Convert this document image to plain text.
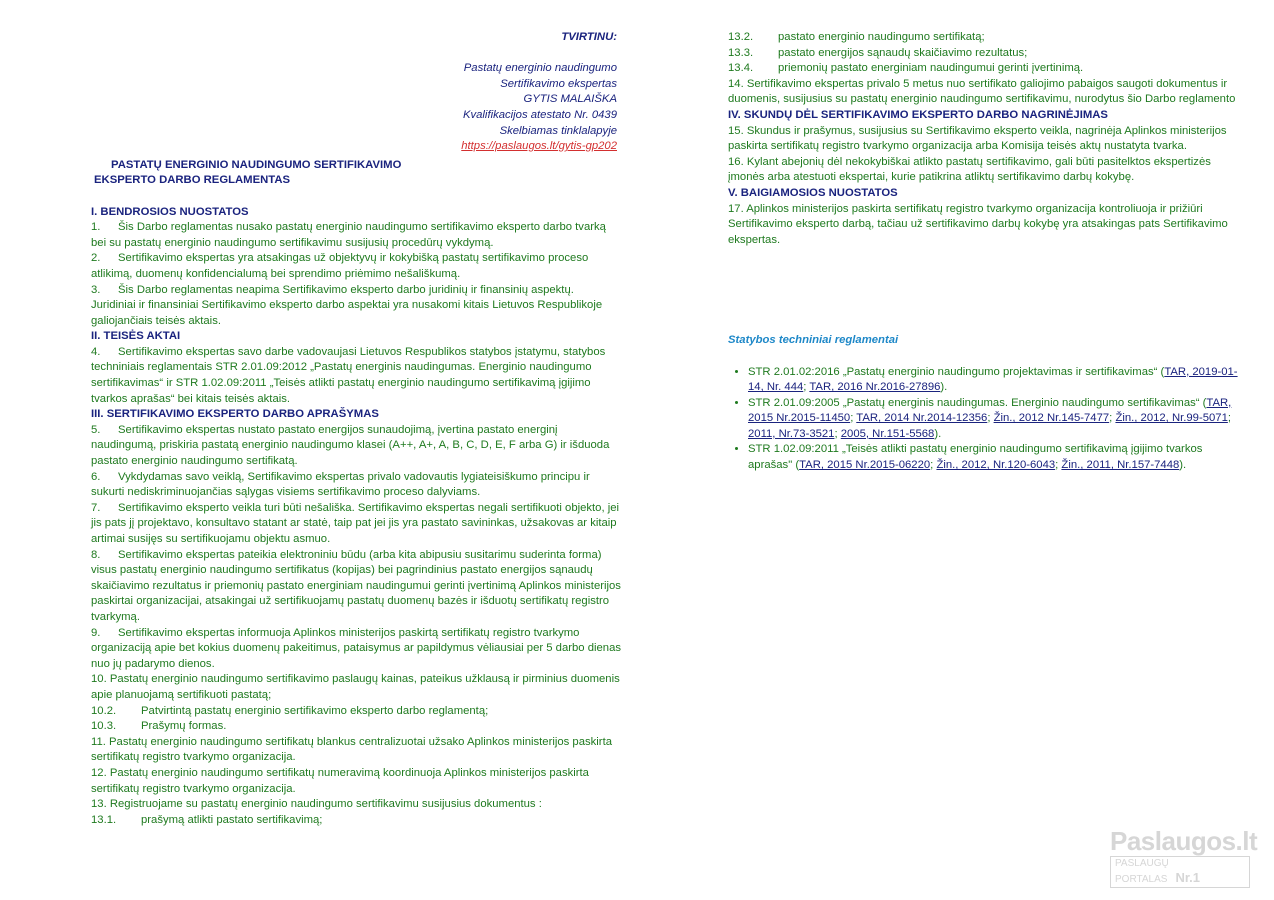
TVIRTINU:
Pastatų energinio naudingumo
Sertifikavimo ekspertas
GYTIS MALAIŠKA
Kvalifikacijos atestato Nr. 0439
Skelbiamas tinklalapyje
https://paslaugos.lt/gytis-gp202
PASTATŲ ENERGINIO NAUDINGUMO SERTIFIKAVIMO
EKSPERTO DARBO REGLAMENTAS
I. BENDROSIOS NUOSTATOS

1. Šis Darbo reglamentas nusako pastatų energinio naudingumo sertifikavimo eksperto darbo tvarką bei su pastatų energinio naudingumo sertifikavimu susijusių procedūrų vykdymą.

2. Sertifikavimo ekspertas yra atsakingas už objektyvų ir kokybišką pastatų sertifikavimo proceso atlikimą, duomenų konfidencialumą bei sprendimo priėmimo nešališkumą.

3. Šis Darbo reglamentas neapima Sertifikavimo eksperto darbo juridinių ir finansinių aspektų. Juridiniai ir finansiniai Sertifikavimo eksperto darbo aspektai yra nusakomi kitais Lietuvos Respublikoje galiojančiais teisės aktais.

II. TEISĖS AKTAI

4. Sertifikavimo ekspertas savo darbe vadovaujasi Lietuvos Respublikos statybos įstatymu, statybos techniniais reglamentais STR 2.01.09:2012 „Pastatų energinis naudingumas. Energinio naudingumo sertifikavimas“ ir STR 1.02.09:2011 „Teisės atlikti pastatų energinio naudingumo sertifikavimą įgijimo tvarkos aprašas“ bei kitais teisės aktais.

III. SERTIFIKAVIMO EKSPERTO DARBO APRAŠYMAS

5. Sertifikavimo ekspertas nustato pastato energijos sunaudojimą, įvertina pastato energinį naudingumą, priskiria pastatą energinio naudingumo klasei (A++, A+, A, B, C, D, E, F arba G) ir išduoda pastato energinio naudingumo sertifikatą.

6. Vykdydamas savo veiklą, Sertifikavimo ekspertas privalo vadovautis lygiateisiškumo principu ir sukurti nediskriminuojančias sąlygas visiems sertifikavimo proceso dalyviams.

7. Sertifikavimo eksperto veikla turi būti nešališka. Sertifikavimo ekspertas negali sertifikuoti objekto, jei jis pats jį projektavo, konsultavo statant ar statė, taip pat jei jis yra pastato savininkas, užsakovas ar kitaip artimai susijęs su sertifikuojamu objektu asmuo.

8. Sertifikavimo ekspertas pateikia elektroniniu būdu (arba kita abipusiu susitarimu suderinta forma) visus pastatų energinio naudingumo sertifikatus (kopijas) bei pagrindinius pastato energijos sąnaudų skaičiavimo rezultatus ir priemonių pastato energiniam naudingumui gerinti įvertinimą Aplinkos ministerijos paskirtai organizacijai, atsakingai už sertifikuojamų pastatų duomenų bazės ir išduotų sertifikatų registro tvarkymą.

9. Sertifikavimo ekspertas informuoja Aplinkos ministerijos paskirtą sertifikatų registro tvarkymo organizaciją apie bet kokius duomenų pakeitimus, pataisymus ar papildymus vėliausiai per 5 darbo dienas nuo jų padarymo dienos.

10. Pastatų energinio naudingumo sertifikavimo paslaugų kainas, pateikus užklausą ir pirminius duomenis apie planuojamą sertifikuoti pastatą;

10.2. Patvirtintą pastatų energinio sertifikavimo eksperto darbo reglamentą;

10.3. Prašymų formas.

11. Pastatų energinio naudingumo sertifikatų blankus centralizuotai užsako Aplinkos ministerijos paskirta sertifikatų registro tvarkymo organizacija.

12. Pastatų energinio naudingumo sertifikatų numeravimą koordinuoja Aplinkos ministerijos paskirta sertifikatų registro tvarkymo organizacija.

13. Registruojame su pastatų energinio naudingumo sertifikavimu susijusius dokumentus :

13.1. prašymą atlikti pastato sertifikavimą;

13.2. pastato energinio naudingumo sertifikatą;

13.3. pastato energijos sąnaudų skaičiavimo rezultatus;

13.4. priemonių pastato energiniam naudingumui gerinti įvertinimą.

14. Sertifikavimo ekspertas privalo 5 metus nuo sertifikato galiojimo pabaigos saugoti dokumentus ir duomenis, susijusius su pastatų energinio naudingumo sertifikavimu, nurodytus šio Darbo reglamento

IV. SKUNDŲ DĖL SERTIFIKAVIMO EKSPERTO DARBO NAGRINĖJIMAS

15. Skundus ir prašymus, susijusius su Sertifikavimo eksperto veikla, nagrinėja Aplinkos ministerijos paskirta sertifikatų registro tvarkymo organizacija arba Komisija teisės aktų nustatyta tvarka.

16. Kylant abejonių dėl nekokybiškai atlikto pastatų sertifikavimo, gali būti pasitelktos ekspertizės įmonės arba atestuoti ekspertai, kurie patikrina atliktų sertifikavimo darbų kokybę.

V. BAIGIAMOSIOS NUOSTATOS

17. Aplinkos ministerijos paskirta sertifikatų registro tvarkymo organizacija kontroliuoja ir prižiūri Sertifikavimo eksperto darbą, tačiau už sertifikavimo darbų kokybę yra atsakingas pats Sertifikavimo ekspertas.

Statybos techniniai reglamentai
• STR 2.01.02:2016 „Pastatų energinio naudingumo projektavimas ir sertifikavimas“ (TAR, 2019-01-14, Nr. 444; TAR, 2016 Nr.2016-27896).
• STR 2.01.09:2005 „Pastatų energinis naudingumas. Energinio naudingumo sertifikavimas“ (TAR, 2015 Nr.2015-11450; TAR, 2014 Nr.2014-12356; Žin., 2012 Nr.145-7477; Žin., 2012, Nr.99-5071; 2011, Nr.73-3521; 2005, Nr.151-5568).
• STR 1.02.09:2011 „Teisės atlikti pastatų energinio naudingumo sertifikavimą įgijimo tvarkos aprašas" (TAR, 2015 Nr.2015-06220; Žin., 2012, Nr.120-6043; Žin., 2011, Nr.157-7448).
Paslaugos.lt
PASLAUGŲ PORTALAS Nr.1
